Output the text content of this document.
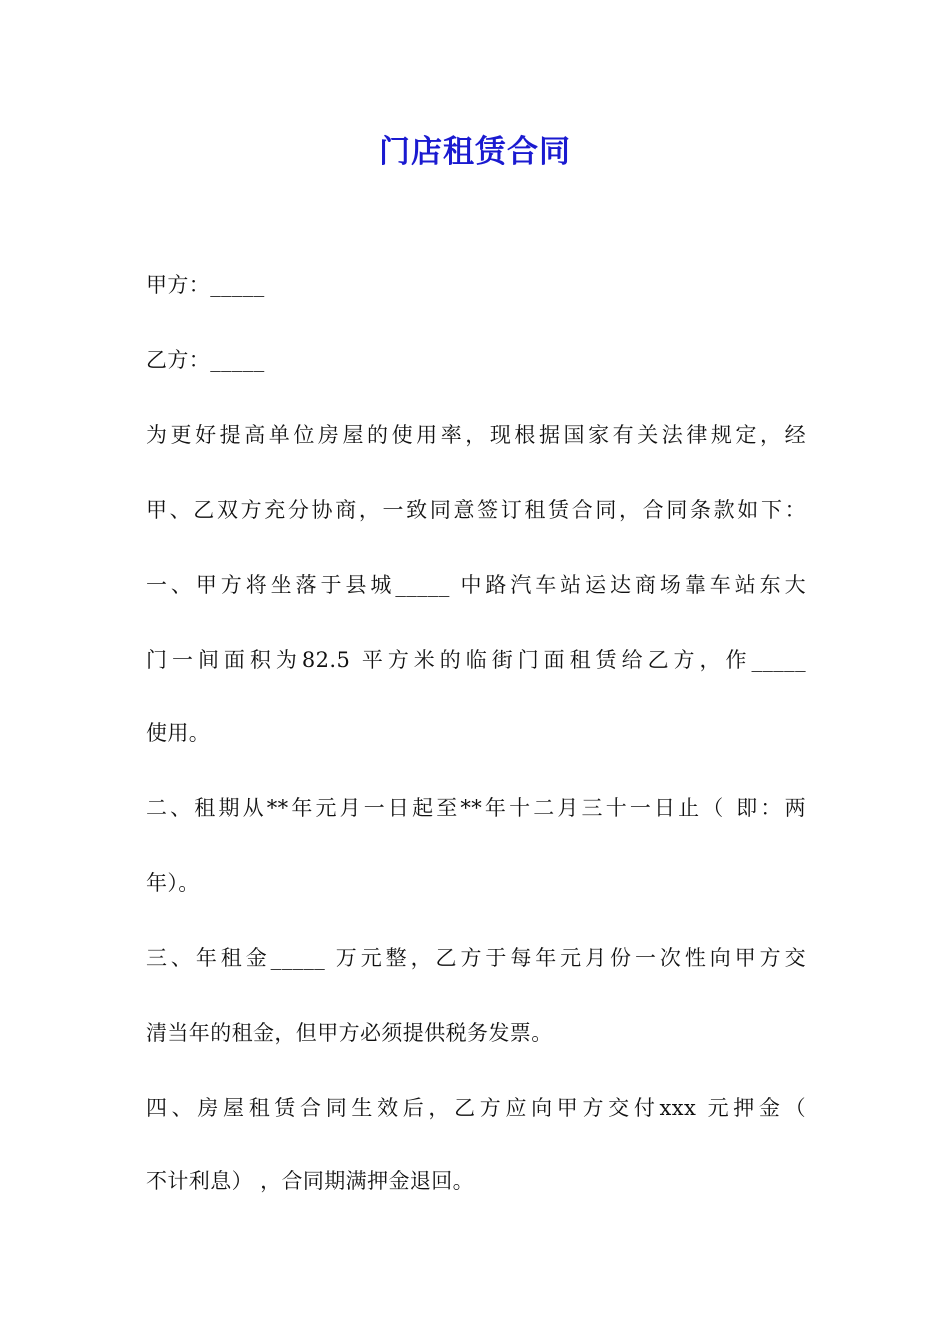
门店租赁合同
甲方：_____
乙方：_____
为更好提高单位房屋的使用率，现根据国家有关法律规定，经
甲、乙双方充分协商，一致同意签订租赁合同，合同条款如下：
一、甲方将坐落于县城_____ 中路汽车站运达商场靠车站东大
门一间面积为82.5 平方米的临街门面租赁给乙方，作_____
使用。
二、租期从**年元月一日起至**年十二月三十一日止（ 即：两
年）。
三、年租金_____ 万元整，乙方于每年元月份一次性向甲方交
清当年的租金，但甲方必须提供税务发票。
四、房屋租赁合同生效后，乙方应向甲方交付xxx 元押金（
不计利息） ，合同期满押金退回。
